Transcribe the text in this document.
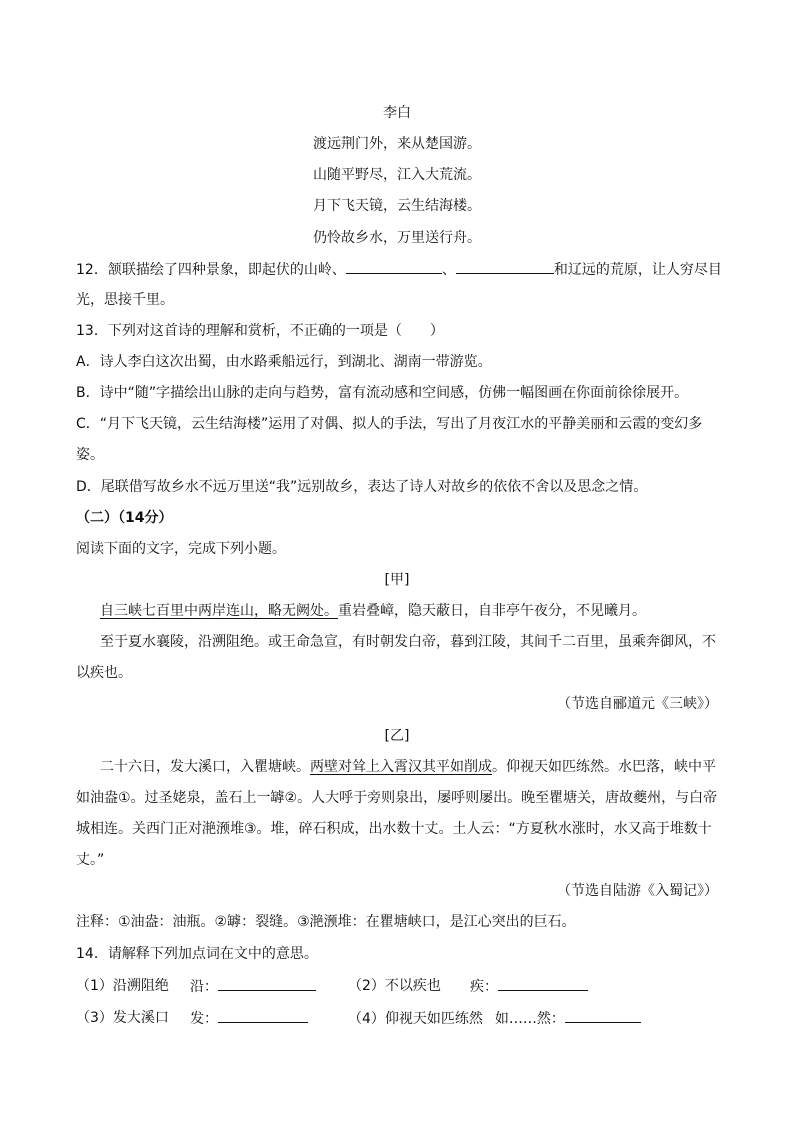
李白
渡远荆门外，来从楚国游。
山随平野尽，江入大荒流。
月下飞天镜，云生结海楼。
仍怜故乡水，万里送行舟。
12．颔联描绘了四种景象，即起伏的山岭、	、	和辽远的荒原，让人穷尽目
光，思接千里。
13．下列对这首诗的理解和赏析，不正确的一项是（　　）
A．诗人李白这次出蜀，由水路乘船远行，到湖北、湖南一带游览。
B．诗中“随”字描绘出山脉的走向与趋势，富有流动感和空间感，仿佛一幅图画在你面前徐徐展开。
C．“月下飞天镜，云生结海楼”运用了对偶、拟人的手法，写出了月夜江水的平静美丽和云霞的变幻多
姿。
D．尾联借写故乡水不远万里送“我”远别故乡，表达了诗人对故乡的依依不舍以及思念之情。
（二）（14分）
阅读下面的文字，完成下列小题。
[甲]
自三峡七百里中两岸连山，略无阙处。重岩叠嶂，隐天蔽日，自非亭午夜分，不见曦月。
至于夏水襄陵，沿溯阻绝。或王命急宣，有时朝发白帝，暮到江陵，其间千二百里，虽乘奔御风，不
以疾也。
（节选自郦道元《三峡》）
[乙]
二十六日，发大溪口，入瞿塘峡。两壁对耸上入霄汉其平如削成。仰视天如匹练然。水巴落，峡中平
如油盎①。过圣姥泉，盖石上一罅②。人大呼于旁则泉出，屡呼则屡出。晚至瞿塘关，唐故夔州，与白帝
城相连。关西门正对滟滪堆③。堆，碎石积成，出水数十丈。土人云：“方夏秋水涨时，水又高于堆数十
丈。”
（节选自陆游《入蜀记》）
注释：①油盎：油瓶。②罅：裂缝。③滟滪堆：在瞿塘峡口，是江心突出的巨石。
14．请解释下列加点词在文中的意思。
（1）沿溯阻绝 沿：	（2）不以疾也 疾：
（3）发大溪口 发：	（4）仰视天如匹练然 如……然：
